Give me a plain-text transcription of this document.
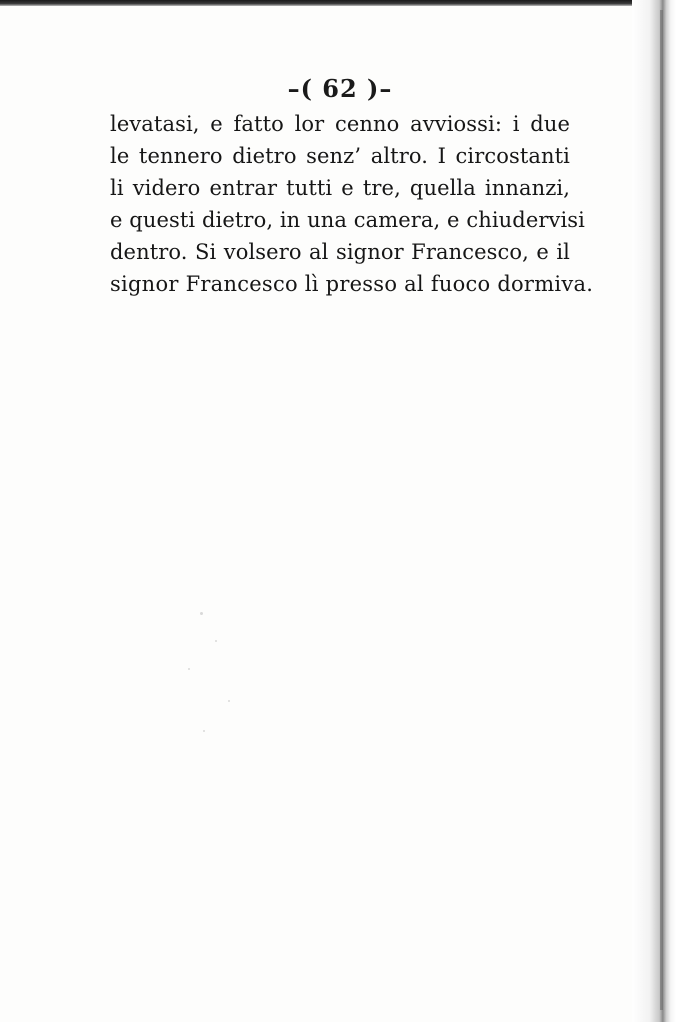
–( 62 )–
levatasi, e fatto lor cenno avviossi: i due
le tennero dietro senz’ altro. I circostanti
li videro entrar tutti e tre, quella innanzi,
e questi dietro, in una camera, e chiudervisi
dentro. Si volsero al signor Francesco, e il
signor Francesco lì presso al fuoco dormiva.
